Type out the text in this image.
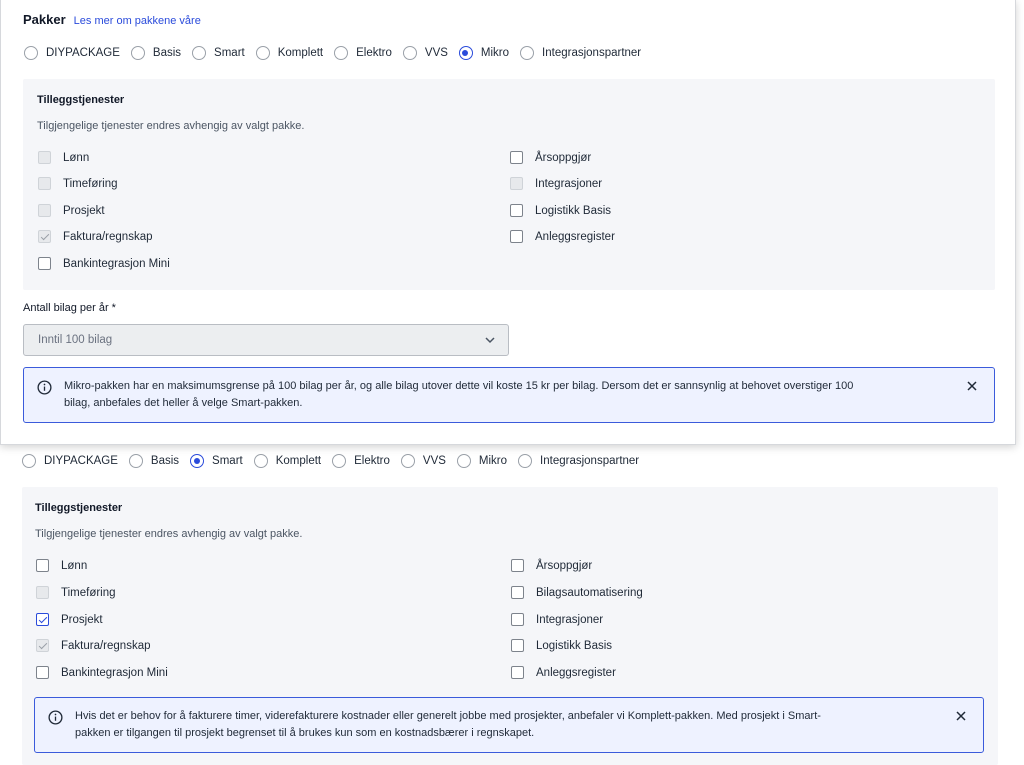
Pakker Les mer om pakkene våre
DIYPACKAGE	Basis	Smart	Komplett	Elektro	VVS	Mikro	Integrasjonspartner
Tilleggstjenester
Tilgjengelige tjenester endres avhengig av valgt pakke.
Lønn
Timeføring
Prosjekt
Faktura/regnskap
Bankintegrasjon Mini
Årsoppgjør
Integrasjoner
Logistikk Basis
Anleggsregister
Antall bilag per år *
Inntil 100 bilag
Mikro-pakken har en maksimumsgrense på 100 bilag per år, og alle bilag utover dette vil koste 15 kr per bilag. Dersom det er sannsynlig at behovet overstiger 100
bilag, anbefales det heller å velge Smart-pakken.
DIYPACKAGE	Basis	Smart	Komplett	Elektro	VVS	Mikro	Integrasjonspartner
Tilleggstjenester
Tilgjengelige tjenester endres avhengig av valgt pakke.
Lønn
Timeføring
Prosjekt
Faktura/regnskap
Bankintegrasjon Mini
Årsoppgjør
Bilagsautomatisering
Integrasjoner
Logistikk Basis
Anleggsregister
Hvis det er behov for å fakturere timer, viderefakturere kostnader eller generelt jobbe med prosjekter, anbefaler vi Komplett-pakken. Med prosjekt i Smart-
pakken er tilgangen til prosjekt begrenset til å brukes kun som en kostnadsbærer i regnskapet.
